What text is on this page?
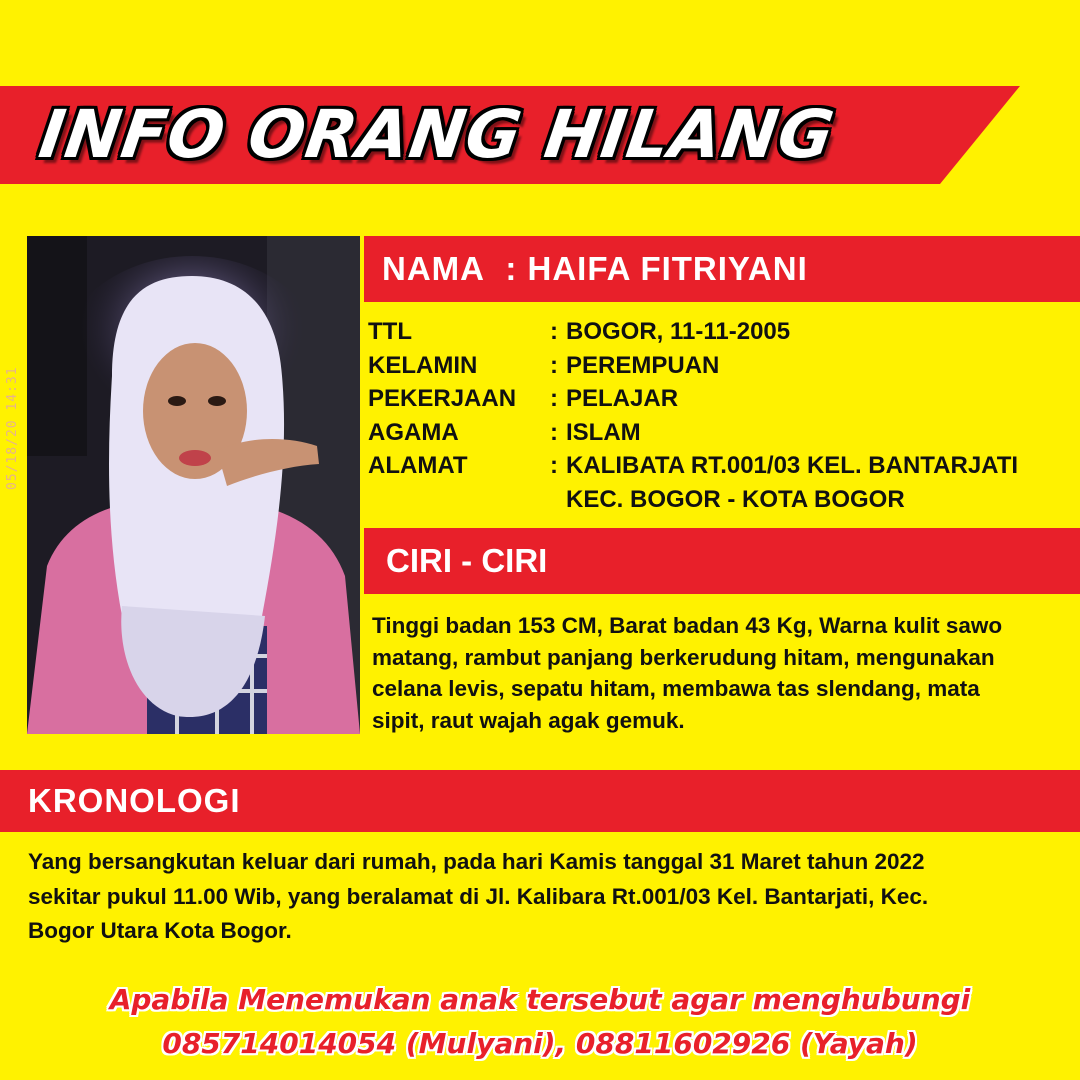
INFO ORANG HILANG
05/18/20 14:31
NAMA : HAIFA FITRIYANI
TTL	: BOGOR, 11-11-2005
KELAMIN	: PEREMPUAN
PEKERJAAN	: PELAJAR
AGAMA	: ISLAM
ALAMAT	: KALIBATA RT.001/03 KEL. BANTARJATI
KEC. BOGOR - KOTA BOGOR
CIRI - CIRI
Tinggi badan 153 CM, Barat badan 43 Kg, Warna kulit sawo
matang, rambut panjang berkerudung hitam, mengunakan
celana levis, sepatu hitam, membawa tas slendang, mata
sipit, raut wajah agak gemuk.
KRONOLOGI
Yang bersangkutan keluar dari rumah, pada hari Kamis tanggal 31 Maret tahun 2022
sekitar pukul 11.00 Wib, yang beralamat di Jl. Kalibara Rt.001/03 Kel. Bantarjati, Kec.
Bogor Utara Kota Bogor.
Apabila Menemukan anak tersebut agar menghubungi
085714014054 (Mulyani), 08811602926 (Yayah)
